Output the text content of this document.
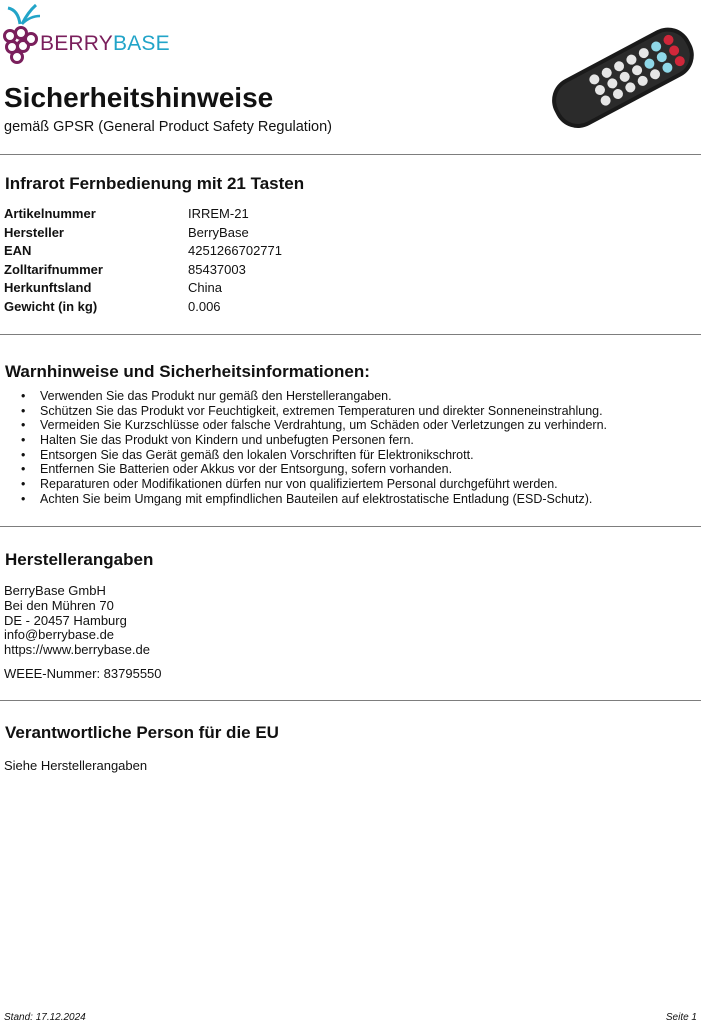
BERRYBASE
Sicherheitshinweise
gemäß GPSR (General Product Safety Regulation)
Infrarot Fernbedienung mit 21 Tasten
Artikelnummer	IRREM-21
Hersteller	BerryBase
EAN	4251266702771
Zolltarifnummer	85437003
Herkunftsland	China
Gewicht (in kg)	0.006
Warnhinweise und Sicherheitsinformationen:
• Verwenden Sie das Produkt nur gemäß den Herstellerangaben.
• Schützen Sie das Produkt vor Feuchtigkeit, extremen Temperaturen und direkter Sonneneinstrahlung.
• Vermeiden Sie Kurzschlüsse oder falsche Verdrahtung, um Schäden oder Verletzungen zu verhindern.
• Halten Sie das Produkt von Kindern und unbefugten Personen fern.
• Entsorgen Sie das Gerät gemäß den lokalen Vorschriften für Elektronikschrott.
• Entfernen Sie Batterien oder Akkus vor der Entsorgung, sofern vorhanden.
• Reparaturen oder Modifikationen dürfen nur von qualifiziertem Personal durchgeführt werden.
• Achten Sie beim Umgang mit empfindlichen Bauteilen auf elektrostatische Entladung (ESD-Schutz).
Herstellerangaben
BerryBase GmbH
Bei den Mühren 70
DE - 20457 Hamburg
info@berrybase.de
https://www.berrybase.de
WEEE-Nummer: 83795550
Verantwortliche Person für die EU
Siehe Herstellerangaben
Stand: 17.12.2024	Seite 1
